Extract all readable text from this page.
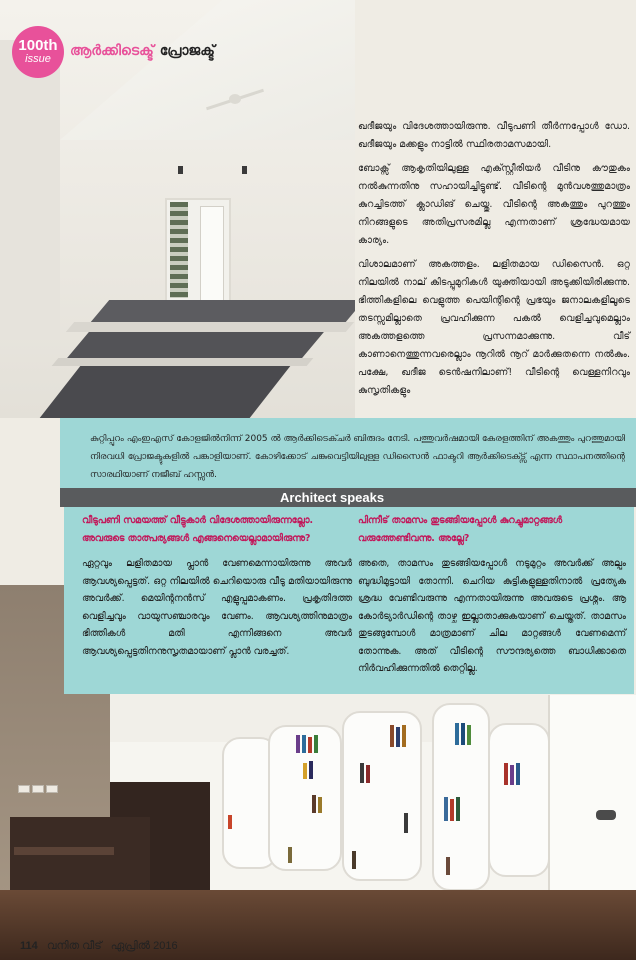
100th
issue	ആർക്കിടെക്ട് പ്രോജക്ട്

ഖദീജയും വിദേശത്തായിരുന്നു. വീടുപണി തീർന്നപ്പോൾ ഡോ. ഖദീജയും മക്കളും നാട്ടിൽ സ്ഥിരതാമസമായി.

ബോക്സ് ആകൃതിയിലുള്ള എക്സ്റ്റീരിയർ വീടിനു കൗതുകം നൽകുന്നതിനു സഹായിച്ചിട്ടുണ്ട്. വീടിന്റെ മുൻവശത്തുമാത്രം കുറച്ചിടത്ത് ക്ലാഡിങ് ചെയ്തു. വീടിന്റെ അകത്തും പുറത്തും നിറങ്ങളുടെ അതിപ്രസരമില്ല എന്നതാണ് ശ്രദ്ധേയമായ കാര്യം.

വിശാലമാണ് അകത്തളം. ലളിതമായ ഡിസൈൻ. ഒറ്റ നിലയിൽ നാല് കിടപ്പുമുറികൾ യുക്തിയായി അടുക്കിയിരിക്കുന്നു. ഭിത്തികളിലെ വെളുത്ത പെയിന്റിന്റെ പ്രഭയും ജനാലകളിലൂടെ തടസ്സമില്ലാതെ പ്രവഹിക്കുന്ന പകൽ വെളിച്ചവുമെല്ലാം അകത്തളത്തെ പ്രസന്നമാക്കുന്നു. വീട് കാണാനെത്തുന്നവരെല്ലാം നൂറിൽ നൂറ് മാർക്കുതന്നെ നൽകും. പക്ഷേ, ഖദീജ ടെൻഷനിലാണ്! വീടിന്റെ വെള്ളനിറവും കുസൃതികളും

കുറ്റിപ്പുറം എംഇഎസ് കോളജിൽനിന്ന് 2005 ൽ ആർക്കിടെക്ചർ ബിരുദം നേടി. പത്തുവർഷമായി കേരളത്തിന് അകത്തും പുറത്തുമായി നിരവധി പ്രോജക്ടുകളിൽ പങ്കാളിയാണ്. കോഴിക്കോട് ചങ്കുവെട്ടിയിലുള്ള ഡിസൈൻ ഫാക്ടറി ആർക്കിടെക്ട്സ് എന്ന സ്ഥാപനത്തിന്റെ സാരഥിയാണ് നജീബ് ഹസ്സൻ.
Architect speaks

വീടുപണി സമയത്ത് വീട്ടുകാർ വിദേശത്തായിരുന്നല്ലോ. അവരുടെ താത്പര്യങ്ങൾ എങ്ങനെയെല്ലാമായിരുന്നു?

ഏറ്റവും ലളിതമായ പ്ലാൻ വേണമെന്നായിരുന്നു അവർ ആവശ്യപ്പെട്ടത്. ഒറ്റ നിലയിൽ ചെറിയൊരു വീടു മതിയായിരുന്നു അവർക്ക്. മെയിന്റനൻസ് എളുപ്പമാകണം. പ്രകൃതിദത്ത വെളിച്ചവും വായുസഞ്ചാരവും വേണം. ആവശ്യത്തിനുമാത്രം ഭിത്തികൾ മതി എന്നിങ്ങനെ അവർ ആവശ്യപ്പെട്ടതിനനുസൃതമായാണ് പ്ലാൻ വരച്ചത്.

പിന്നീട് താമസം തുടങ്ങിയപ്പോൾ കുറച്ചുമാറ്റങ്ങൾ വരുത്തേണ്ടിവന്നു. അല്ലേ?

അതെ, താമസം തുടങ്ങിയപ്പോൾ നടുമുറ്റം അവർക്ക് അല്പം ബുദ്ധിമുട്ടായി തോന്നി. ചെറിയ കുട്ടികളുള്ളതിനാൽ പ്രത്യേക ശ്രദ്ധ വേണ്ടിവരുന്നു എന്നതായിരുന്നു അവരുടെ പ്രശ്നം. ആ കോർട്യാർഡിന്റെ താഴ്ച ഇല്ലാതാക്കുകയാണ് ചെയ്തത്. താമസം തുടങ്ങുമ്പോൾ മാത്രമാണ് ചില മാറ്റങ്ങൾ വേണമെന്ന് തോന്നുക. അത് വീടിന്റെ സൗന്ദര്യത്തെ ബാധിക്കാതെ നിർവഹിക്കുന്നതിൽ തെറ്റില്ല.

114 വനിത വീട് ഏപ്രിൽ 2016
